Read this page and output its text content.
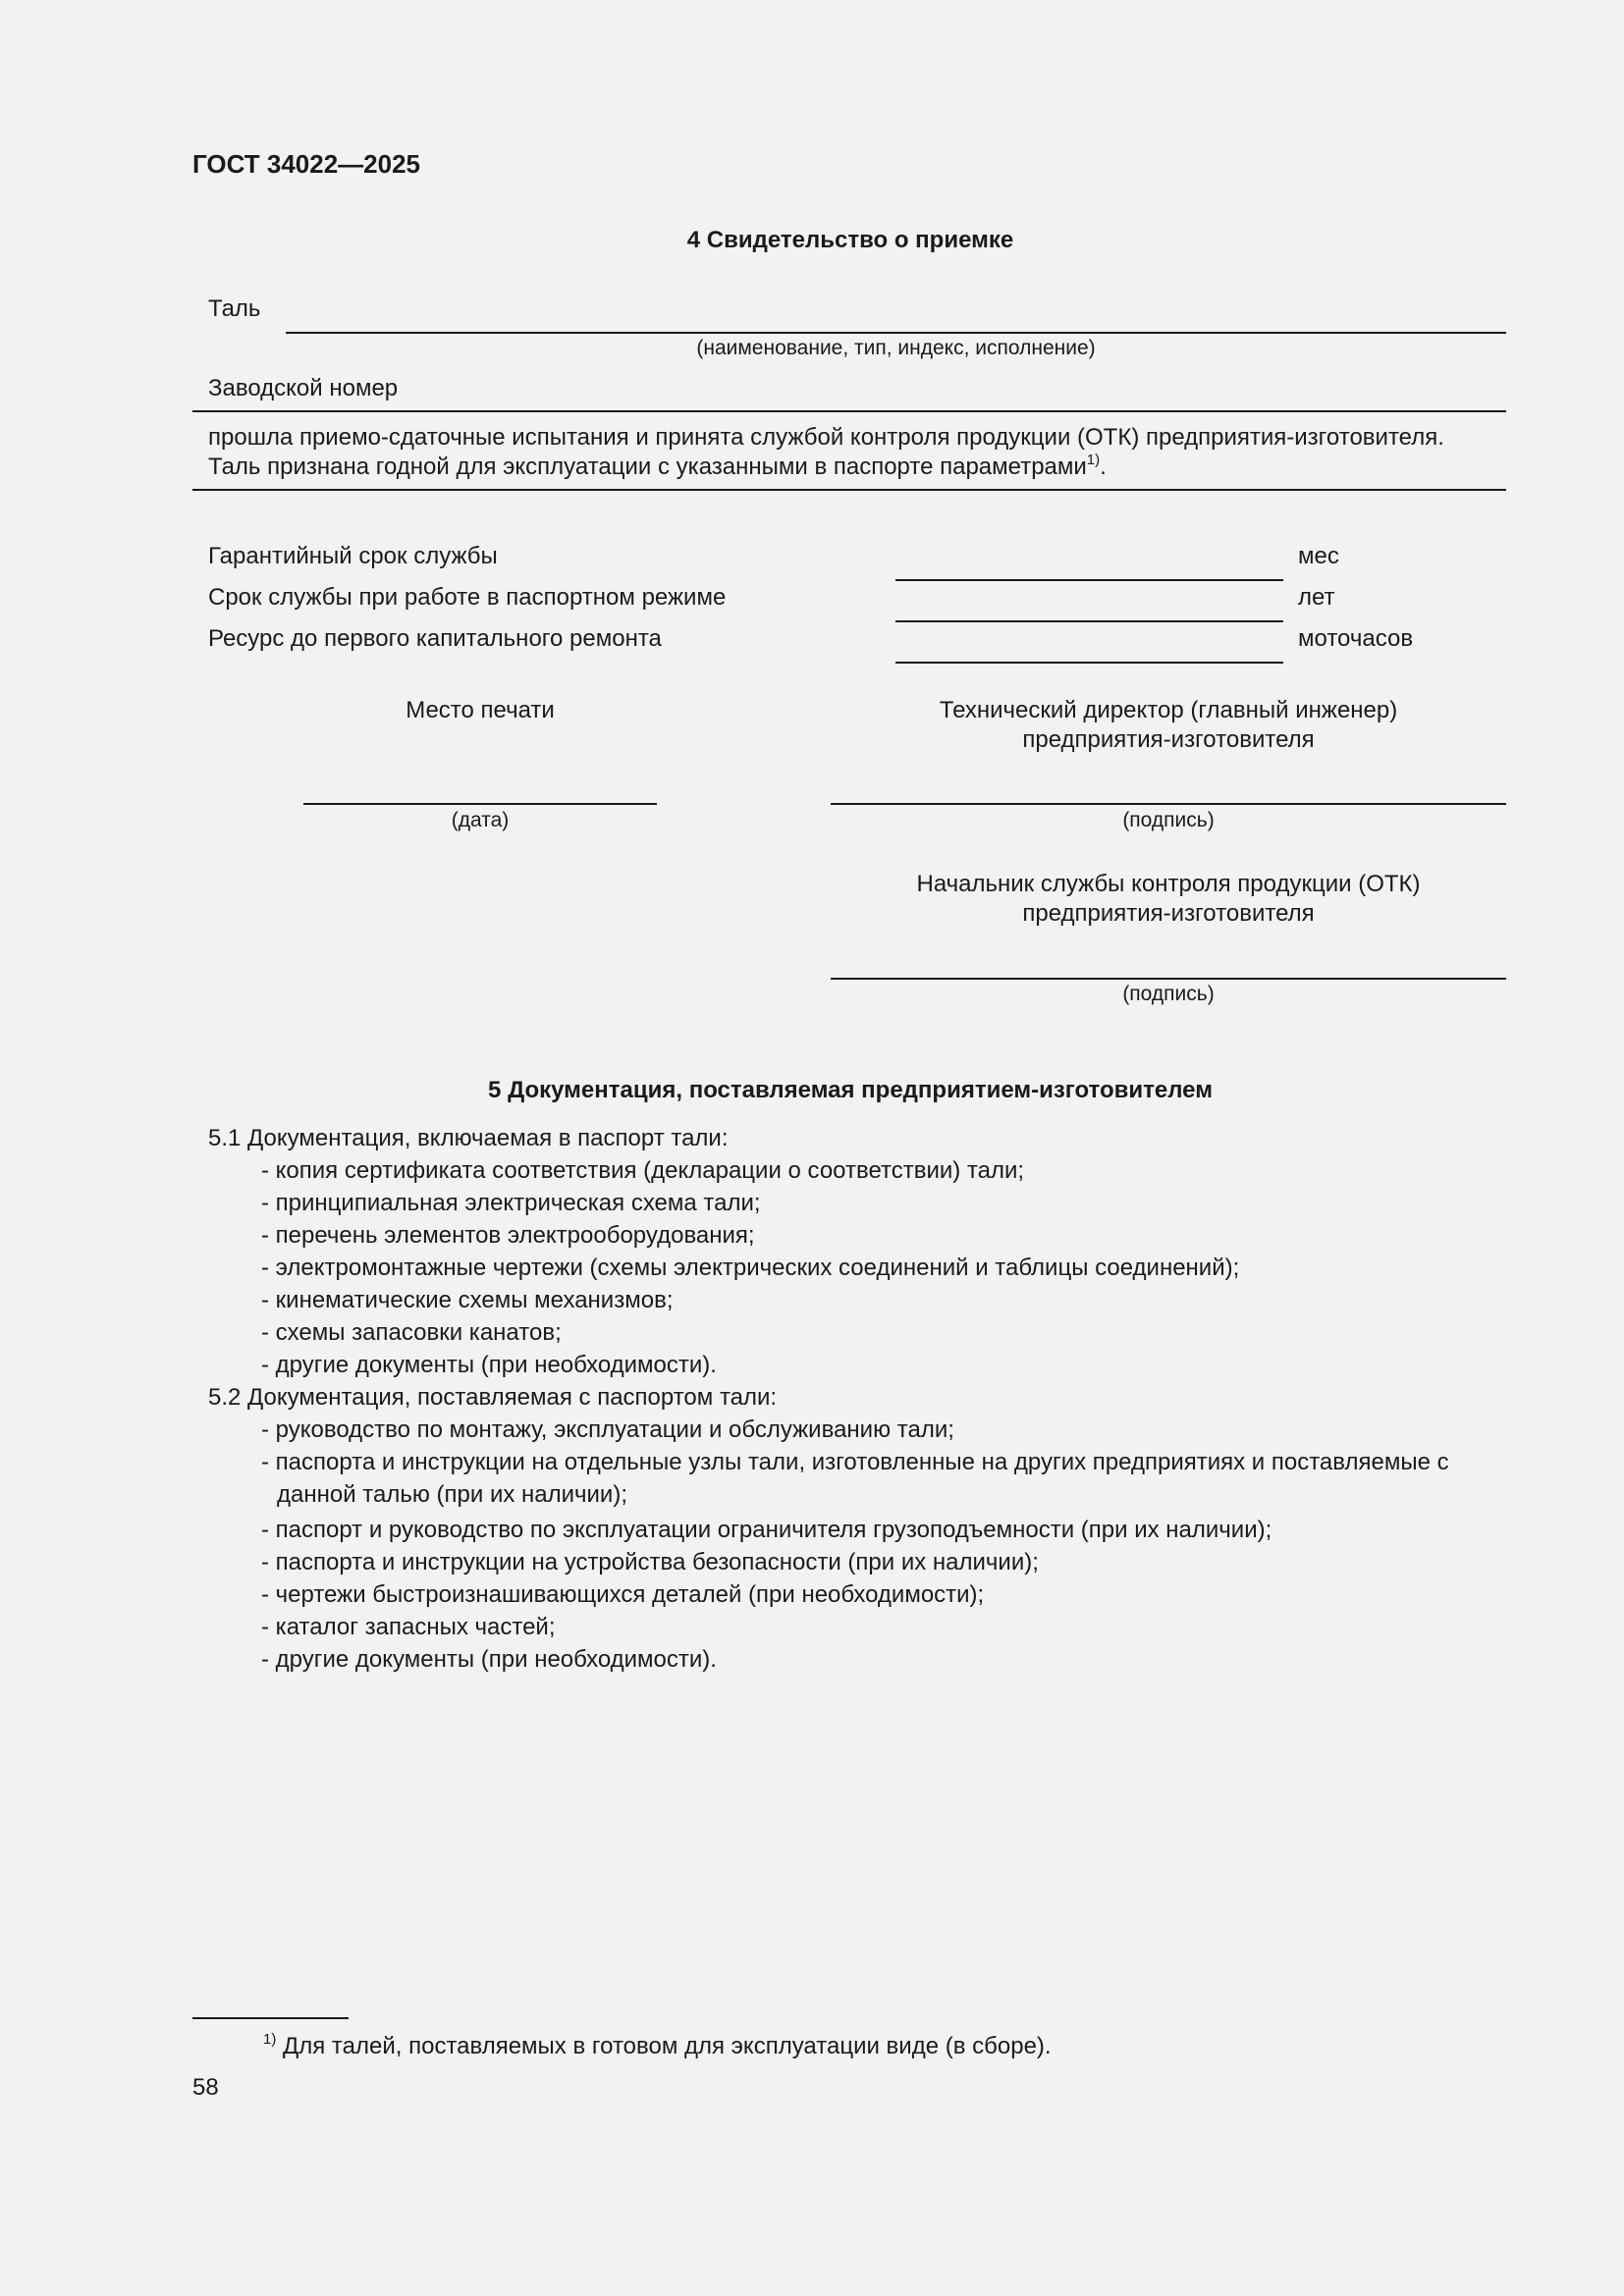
ГОСТ 34022—2025
4 Свидетельство о приемке
Таль
(наименование, тип, индекс, исполнение)
Заводской номер
прошла приемо-сдаточные испытания и принята службой контроля продукции (ОТК) предприятия-изготовителя.
Таль признана годной для эксплуатации с указанными в паспорте параметрами$^{1)}$.
Гарантийный срок службы	мес
Срок службы при работе в паспортном режиме	лет
Ресурс до первого капитального ремонта	моточасов
Место печати	Технический директор (главный инженер)
предприятия-изготовителя
(дата)	(подпись)
Начальник службы контроля продукции (ОТК)
предприятия-изготовителя
(подпись)
5 Документация, поставляемая предприятием-изготовителем
5.1 Документация, включаемая в паспорт тали:
- копия сертификата соответствия (декларации о соответствии) тали;
- принципиальная электрическая схема тали;
- перечень элементов электрооборудования;
- электромонтажные чертежи (схемы электрических соединений и таблицы соединений);
- кинематические схемы механизмов;
- схемы запасовки канатов;
- другие документы (при необходимости).
5.2 Документация, поставляемая с паспортом тали:
- руководство по монтажу, эксплуатации и обслуживанию тали;
- паспорта и инструкции на отдельные узлы тали, изготовленные на других предприятиях и поставляемые с
данной талью (при их наличии);
- паспорт и руководство по эксплуатации ограничителя грузоподъемности (при их наличии);
- паспорта и инструкции на устройства безопасности (при их наличии);
- чертежи быстроизнашивающихся деталей (при необходимости);
- каталог запасных частей;
- другие документы (при необходимости).
$^{1)}$ Для талей, поставляемых в готовом для эксплуатации виде (в сборе).
58
